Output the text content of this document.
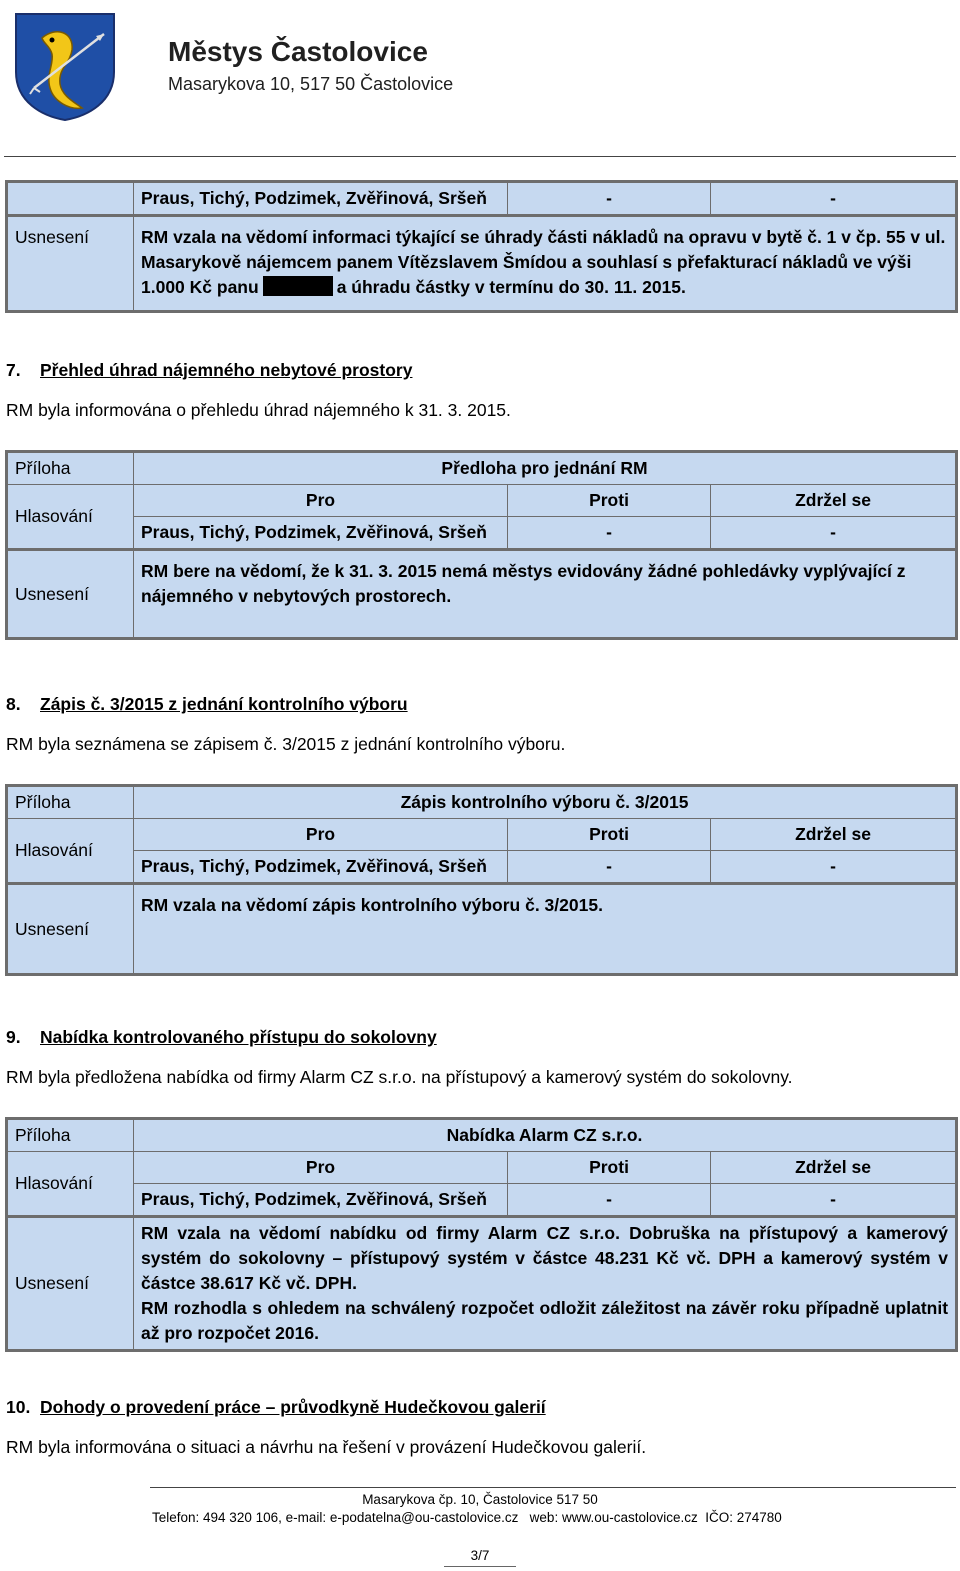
Městys Častolovice
Masarykova 10, 517 50 Častolovice
	Praus, Tichý, Podzimek, Zvěřinová, Sršeň	-	-
Usnesení	RM vzala na vědomí informaci týkající se úhrady části nákladů na opravu v bytě č. 1 v čp. 55 v ul. Masarykově nájemcem panem Vítězslavem Šmídou a souhlasí s přefakturací nákladů ve výši 1.000 Kč panu a úhradu částky v termínu do 30. 11. 2015.		
7. Přehled úhrad nájemného nebytové prostory
RM byla informována o přehledu úhrad nájemného k 31. 3. 2015.
Příloha	Předloha pro jednání RM		
Hlasování	Pro	Proti	Zdržel se
	Praus, Tichý, Podzimek, Zvěřinová, Sršeň	-	-
Usnesení	RM bere na vědomí, že k 31. 3. 2015 nemá městys evidovány žádné pohledávky vyplývající z nájemného v nebytových prostorech.		
8. Zápis č. 3/2015 z jednání kontrolního výboru
RM byla seznámena se zápisem č. 3/2015 z jednání kontrolního výboru.
Příloha	Zápis kontrolního výboru č. 3/2015		
Hlasování	Pro	Proti	Zdržel se
	Praus, Tichý, Podzimek, Zvěřinová, Sršeň	-	-
Usnesení	RM vzala na vědomí zápis kontrolního výboru č. 3/2015.		
9. Nabídka kontrolovaného přístupu do sokolovny
RM byla předložena nabídka od firmy Alarm CZ s.r.o. na přístupový a kamerový systém do sokolovny.
Příloha	Nabídka Alarm CZ s.r.o.		
Hlasování	Pro	Proti	Zdržel se
	Praus, Tichý, Podzimek, Zvěřinová, Sršeň	-	-
Usnesení	RM vzala na vědomí nabídku od firmy Alarm CZ s.r.o. Dobruška na přístupový a kamerový systém do sokolovny – přístupový systém v částce 48.231 Kč vč. DPH a kamerový systém v částce 38.617 Kč vč. DPH.
RM rozhodla s ohledem na schválený rozpočet odložit záležitost na závěr roku případně uplatnit až pro rozpočet 2016.		
10. Dohody o provedení práce – průvodkyně Hudečkovou galerií
RM byla informována o situaci a návrhu na řešení v provázení Hudečkovou galerií.
Masarykova čp. 10, Častolovice 517 50
Telefon: 494 320 106, e-mail: e-podatelna@ou-castolovice.cz   web: www.ou-castolovice.cz  IČO: 274780
3/7
